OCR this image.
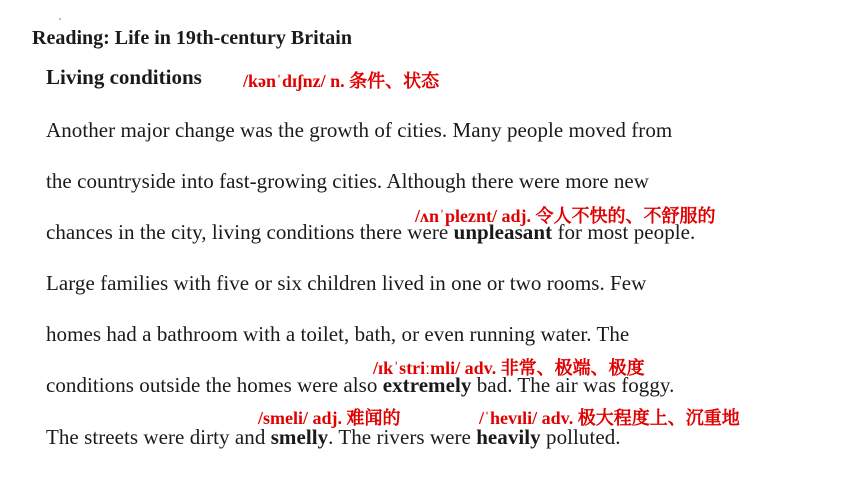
Reading: Life in 19th-century Britain
Living conditions /kənˈdɪʃnz/ n. 条件、状态
Another major change was the growth of cities. Many people moved from
the countryside into fast-growing cities. Although there were more new
/ʌnˈpleznt/ adj. 令人不快的、不舒服的
chances in the city, living conditions there were unpleasant for most people.
Large families with five or six children lived in one or two rooms. Few
homes had a bathroom with a toilet, bath, or even running water. The
/ɪkˈstriːmli/ adv. 非常、极端、极度
conditions outside the homes were also extremely bad. The air was foggy.
/smeli/ adj. 难闻的	/ˈhevɪli/ adv. 极大程度上、沉重地
The streets were dirty and smelly. The rivers were heavily polluted.
